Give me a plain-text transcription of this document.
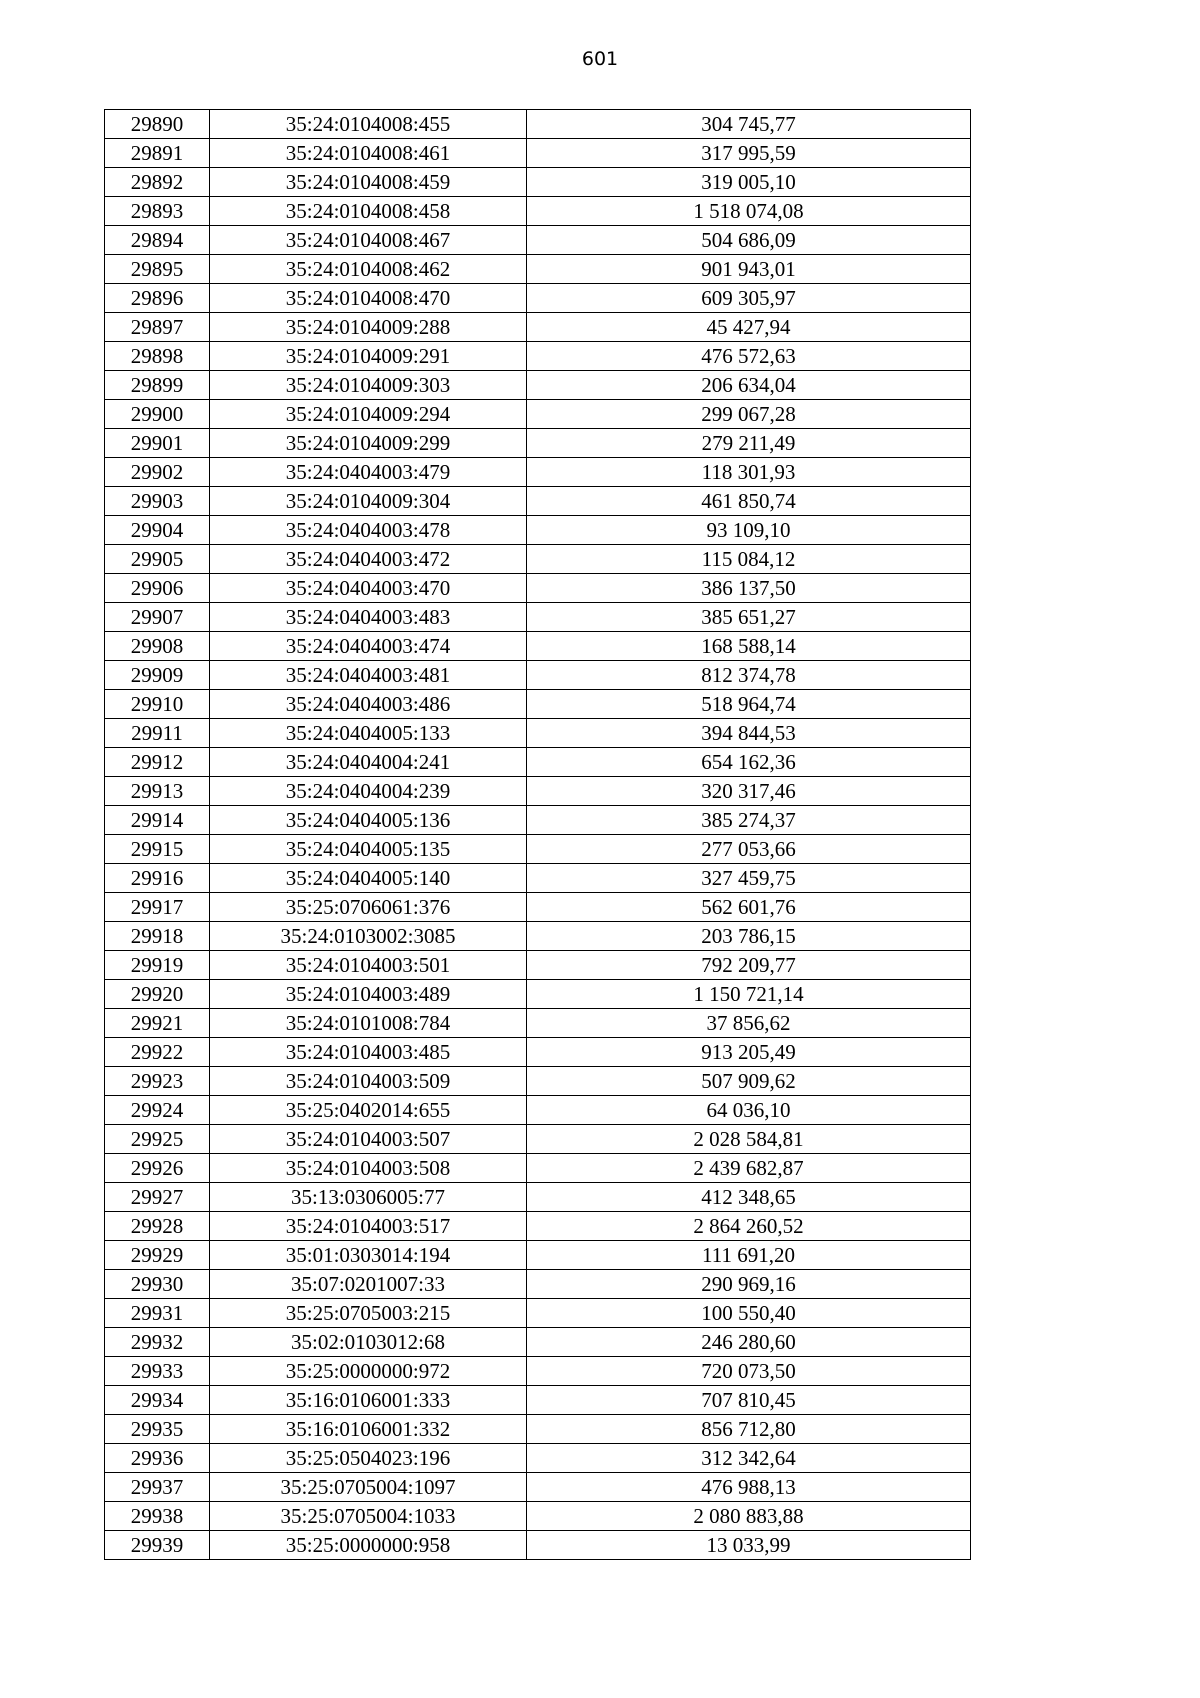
601
29890	35:24:0104008:455	304 745,77
29891	35:24:0104008:461	317 995,59
29892	35:24:0104008:459	319 005,10
29893	35:24:0104008:458	1 518 074,08
29894	35:24:0104008:467	504 686,09
29895	35:24:0104008:462	901 943,01
29896	35:24:0104008:470	609 305,97
29897	35:24:0104009:288	45 427,94
29898	35:24:0104009:291	476 572,63
29899	35:24:0104009:303	206 634,04
29900	35:24:0104009:294	299 067,28
29901	35:24:0104009:299	279 211,49
29902	35:24:0404003:479	118 301,93
29903	35:24:0104009:304	461 850,74
29904	35:24:0404003:478	93 109,10
29905	35:24:0404003:472	115 084,12
29906	35:24:0404003:470	386 137,50
29907	35:24:0404003:483	385 651,27
29908	35:24:0404003:474	168 588,14
29909	35:24:0404003:481	812 374,78
29910	35:24:0404003:486	518 964,74
29911	35:24:0404005:133	394 844,53
29912	35:24:0404004:241	654 162,36
29913	35:24:0404004:239	320 317,46
29914	35:24:0404005:136	385 274,37
29915	35:24:0404005:135	277 053,66
29916	35:24:0404005:140	327 459,75
29917	35:25:0706061:376	562 601,76
29918	35:24:0103002:3085	203 786,15
29919	35:24:0104003:501	792 209,77
29920	35:24:0104003:489	1 150 721,14
29921	35:24:0101008:784	37 856,62
29922	35:24:0104003:485	913 205,49
29923	35:24:0104003:509	507 909,62
29924	35:25:0402014:655	64 036,10
29925	35:24:0104003:507	2 028 584,81
29926	35:24:0104003:508	2 439 682,87
29927	35:13:0306005:77	412 348,65
29928	35:24:0104003:517	2 864 260,52
29929	35:01:0303014:194	111 691,20
29930	35:07:0201007:33	290 969,16
29931	35:25:0705003:215	100 550,40
29932	35:02:0103012:68	246 280,60
29933	35:25:0000000:972	720 073,50
29934	35:16:0106001:333	707 810,45
29935	35:16:0106001:332	856 712,80
29936	35:25:0504023:196	312 342,64
29937	35:25:0705004:1097	476 988,13
29938	35:25:0705004:1033	2 080 883,88
29939	35:25:0000000:958	13 033,99
